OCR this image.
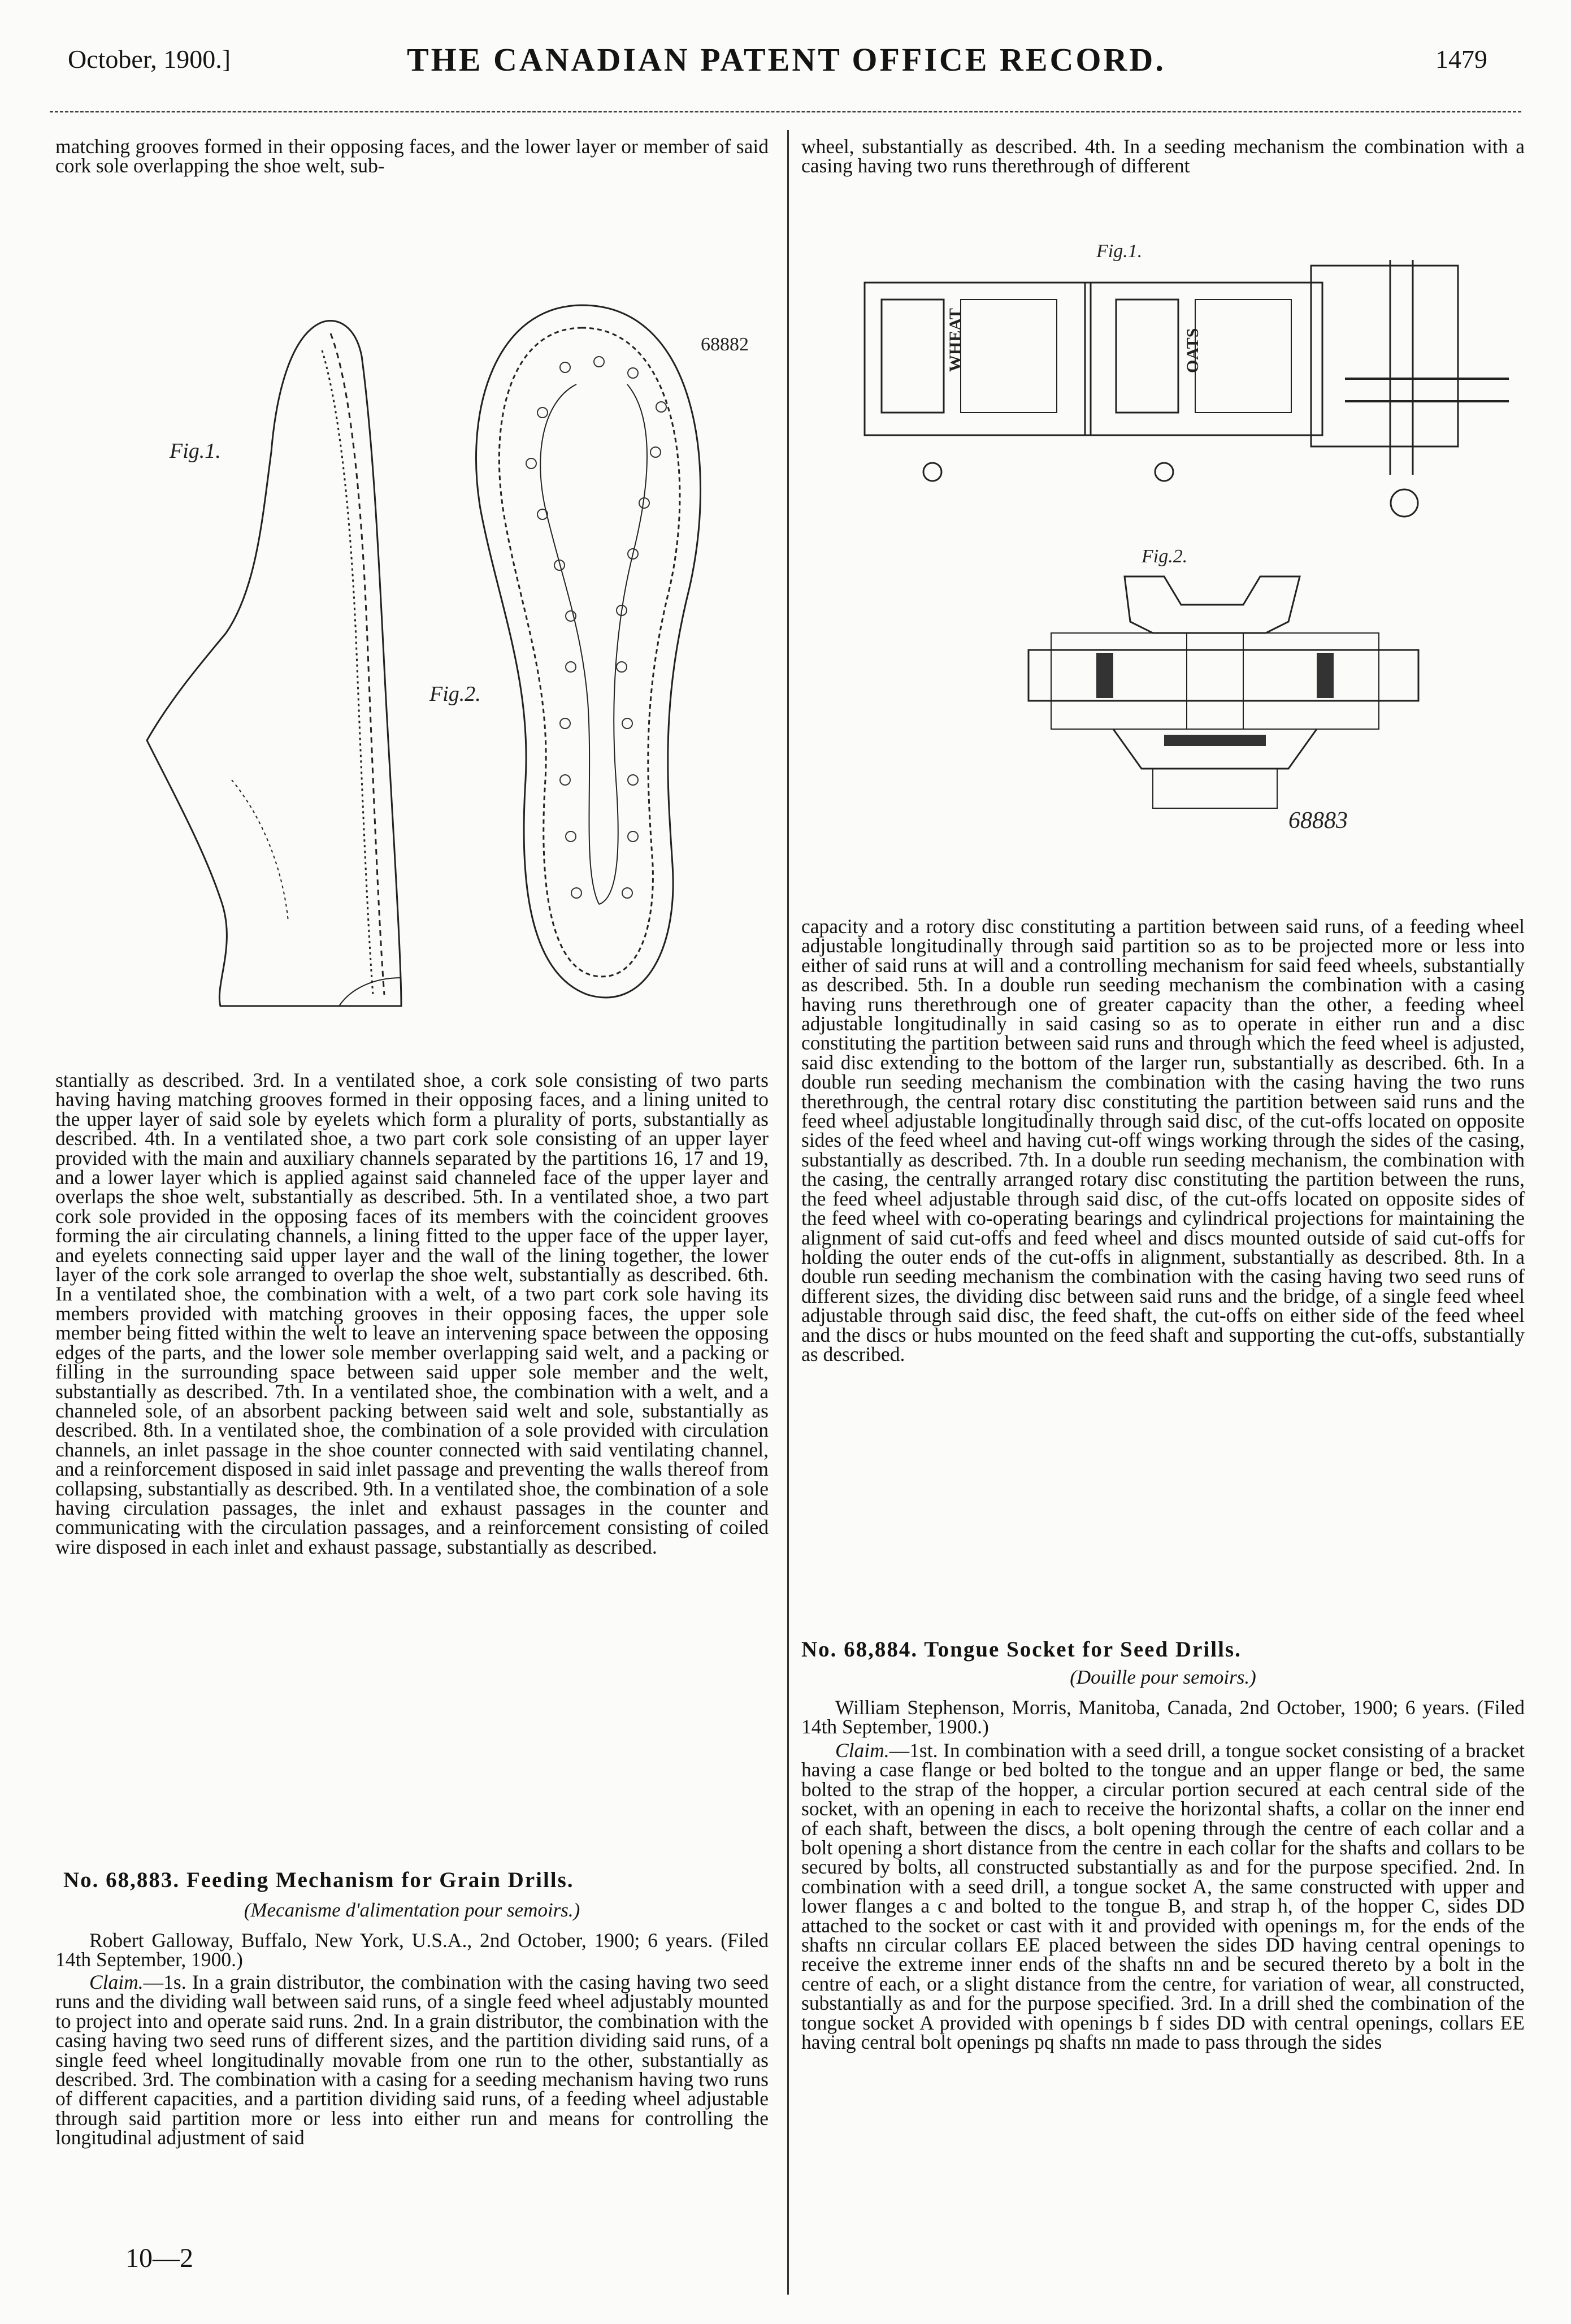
October, 1900.]	THE CANADIAN PATENT OFFICE RECORD.	1479
matching grooves formed in their opposing faces, and the lower layer or member of said cork sole overlapping the shoe welt, sub-
Fig.1.
Fig.2.
68882
stantially as described. 3rd. In a ventilated shoe, a cork sole consisting of two parts having having matching grooves formed in their opposing faces, and a lining united to the upper layer of said sole by eyelets which form a plurality of ports, substantially as described. 4th. In a ventilated shoe, a two part cork sole consisting of an upper layer provided with the main and auxiliary channels separated by the partitions 16, 17 and 19, and a lower layer which is applied against said channeled face of the upper layer and overlaps the shoe welt, substantially as described. 5th. In a ventilated shoe, a two part cork sole provided in the opposing faces of its members with the coincident grooves forming the air circulating channels, a lining fitted to the upper face of the upper layer, and eyelets connecting said upper layer and the wall of the lining together, the lower layer of the cork sole arranged to overlap the shoe welt, substantially as described. 6th. In a ventilated shoe, the combination with a welt, of a two part cork sole having its members provided with matching grooves in their opposing faces, the upper sole member being fitted within the welt to leave an intervening space between the opposing edges of the parts, and the lower sole member overlapping said welt, and a packing or filling in the surrounding space between said upper sole member and the welt, substantially as described. 7th. In a ventilated shoe, the combination with a welt, and a channeled sole, of an absorbent packing between said welt and sole, substantially as described. 8th. In a ventilated shoe, the combination of a sole provided with circulation channels, an inlet passage in the shoe counter connected with said ventilating channel, and a reinforcement disposed in said inlet passage and preventing the walls thereof from collapsing, substantially as described. 9th. In a ventilated shoe, the combination of a sole having circulation passages, the inlet and exhaust passages in the counter and communicating with the circulation passages, and a reinforcement consisting of coiled wire disposed in each inlet and exhaust passage, substantially as described.
No. 68,883. Feeding Mechanism for Grain Drills.
(Mecanisme d'alimentation pour semoirs.)
Robert Galloway, Buffalo, New York, U.S.A., 2nd October, 1900; 6 years. (Filed 14th September, 1900.)
Claim.—1s. In a grain distributor, the combination with the casing having two seed runs and the dividing wall between said runs, of a single feed wheel adjustably mounted to project into and operate said runs. 2nd. In a grain distributor, the combination with the casing having two seed runs of different sizes, and the partition dividing said runs, of a single feed wheel longitudinally movable from one run to the other, substantially as described. 3rd. The combination with a casing for a seeding mechanism having two runs of different capacities, and a partition dividing said runs, of a feeding wheel adjustable through said partition more or less into either run and means for controlling the longitudinal adjustment of said
10—2
wheel, substantially as described. 4th. In a seeding mechanism the combination with a casing having two runs therethrough of different
WHEAT	OATS
Fig.1.
Fig.2.
68883
capacity and a rotory disc constituting a partition between said runs, of a feeding wheel adjustable longitudinally through said partition so as to be projected more or less into either of said runs at will and a controlling mechanism for said feed wheels, substantially as described. 5th. In a double run seeding mechanism the combination with a casing having runs therethrough one of greater capacity than the other, a feeding wheel adjustable longitudinally in said casing so as to operate in either run and a disc constituting the partition between said runs and through which the feed wheel is adjusted, said disc extending to the bottom of the larger run, substantially as described. 6th. In a double run seeding mechanism the combination with the casing having the two runs therethrough, the central rotary disc constituting the partition between said runs and the feed wheel adjustable longitudinally through said disc, of the cut-offs located on opposite sides of the feed wheel and having cut-off wings working through the sides of the casing, substantially as described. 7th. In a double run seeding mechanism, the combination with the casing, the centrally arranged rotary disc constituting the partition between the runs, the feed wheel adjustable through said disc, of the cut-offs located on opposite sides of the feed wheel with co-operating bearings and cylindrical projections for maintaining the alignment of said cut-offs and feed wheel and discs mounted outside of said cut-offs for holding the outer ends of the cut-offs in alignment, substantially as described. 8th. In a double run seeding mechanism the combination with the casing having two seed runs of different sizes, the dividing disc between said runs and the bridge, of a single feed wheel adjustable through said disc, the feed shaft, the cut-offs on either side of the feed wheel and the discs or hubs mounted on the feed shaft and supporting the cut-offs, substantially as described.
No. 68,884. Tongue Socket for Seed Drills.
(Douille pour semoirs.)
William Stephenson, Morris, Manitoba, Canada, 2nd October, 1900; 6 years. (Filed 14th September, 1900.)
Claim.—1st. In combination with a seed drill, a tongue socket consisting of a bracket having a case flange or bed bolted to the tongue and an upper flange or bed, the same bolted to the strap of the hopper, a circular portion secured at each central side of the socket, with an opening in each to receive the horizontal shafts, a collar on the inner end of each shaft, between the discs, a bolt opening through the centre of each collar and a bolt opening a short distance from the centre in each collar for the shafts and collars to be secured by bolts, all constructed substantially as and for the purpose specified. 2nd. In combination with a seed drill, a tongue socket A, the same constructed with upper and lower flanges a c and bolted to the tongue B, and strap h, of the hopper C, sides DD attached to the socket or cast with it and provided with openings m, for the ends of the shafts nn circular collars EE placed between the sides DD having central openings to receive the extreme inner ends of the shafts nn and be secured thereto by a bolt in the centre of each, or a slight distance from the centre, for variation of wear, all constructed, substantially as and for the purpose specified. 3rd. In a drill shed the combination of the tongue socket A provided with openings b f sides DD with central openings, collars EE having central bolt openings pq shafts nn made to pass through the sides
